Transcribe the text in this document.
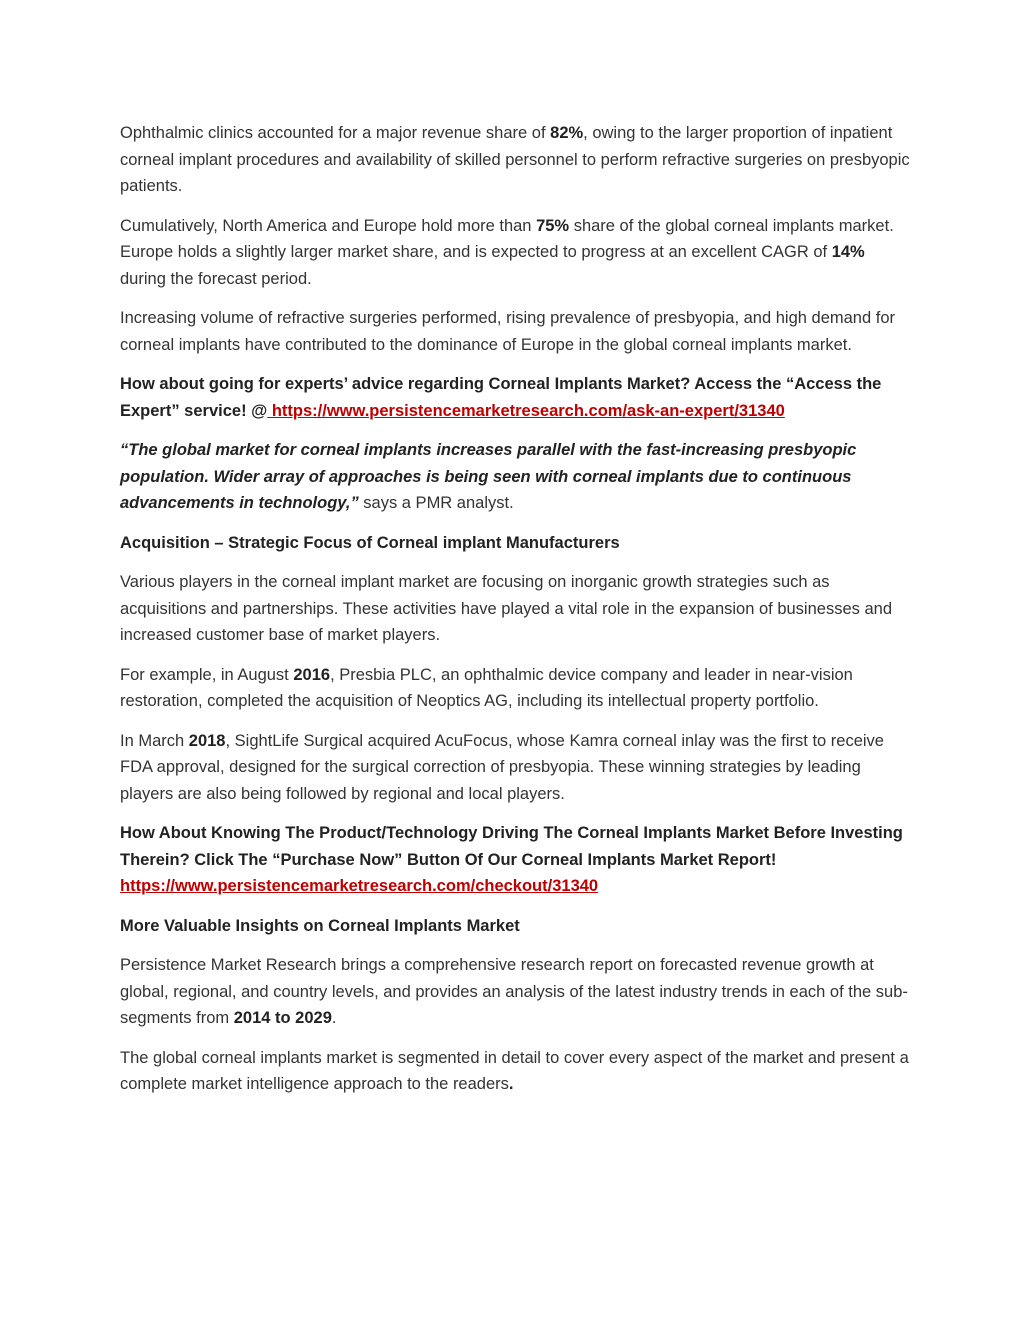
Ophthalmic clinics accounted for a major revenue share of 82%, owing to the larger proportion of inpatient corneal implant procedures and availability of skilled personnel to perform refractive surgeries on presbyopic patients.

Cumulatively, North America and Europe hold more than 75% share of the global corneal implants market. Europe holds a slightly larger market share, and is expected to progress at an excellent CAGR of 14% during the forecast period.

Increasing volume of refractive surgeries performed, rising prevalence of presbyopia, and high demand for corneal implants have contributed to the dominance of Europe in the global corneal implants market.

How about going for experts’ advice regarding Corneal Implants Market? Access the “Access the Expert” service! @ https://www.persistencemarketresearch.com/ask-an-expert/31340

“The global market for corneal implants increases parallel with the fast-increasing presbyopic population. Wider array of approaches is being seen with corneal implants due to continuous advancements in technology,” says a PMR analyst.

Acquisition – Strategic Focus of Corneal implant Manufacturers

Various players in the corneal implant market are focusing on inorganic growth strategies such as acquisitions and partnerships. These activities have played a vital role in the expansion of businesses and increased customer base of market players.

For example, in August 2016, Presbia PLC, an ophthalmic device company and leader in near-vision restoration, completed the acquisition of Neoptics AG, including its intellectual property portfolio.

In March 2018, SightLife Surgical acquired AcuFocus, whose Kamra corneal inlay was the first to receive FDA approval, designed for the surgical correction of presbyopia. These winning strategies by leading players are also being followed by regional and local players.

How About Knowing The Product/Technology Driving The Corneal Implants Market Before Investing Therein? Click The “Purchase Now” Button Of Our Corneal Implants Market Report! https://www.persistencemarketresearch.com/checkout/31340

More Valuable Insights on Corneal Implants Market

Persistence Market Research brings a comprehensive research report on forecasted revenue growth at global, regional, and country levels, and provides an analysis of the latest industry trends in each of the sub-segments from 2014 to 2029.

The global corneal implants market is segmented in detail to cover every aspect of the market and present a complete market intelligence approach to the readers.
